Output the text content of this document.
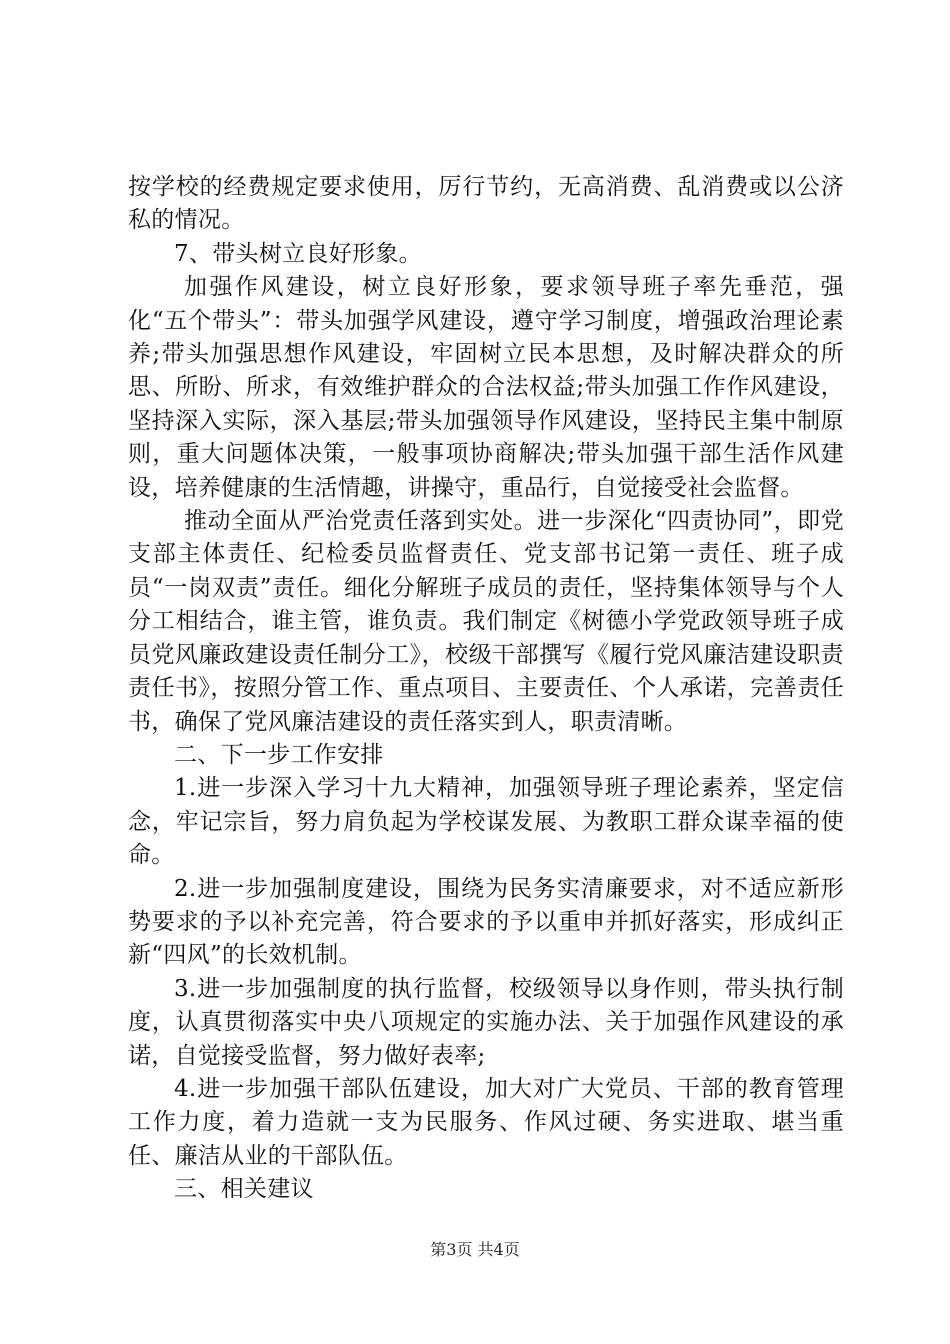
按学校的经费规定要求使用，厉行节约，无高消费、乱消费或以公济私的情况。

7、带头树立良好形象。

加强作风建设，树立良好形象，要求领导班子率先垂范，强化“五个带头”：带头加强学风建设，遵守学习制度，增强政治理论素养;带头加强思想作风建设，牢固树立民本思想，及时解决群众的所思、所盼、所求，有效维护群众的合法权益;带头加强工作作风建设，坚持深入实际，深入基层;带头加强领导作风建设，坚持民主集中制原则，重大问题体决策，一般事项协商解决;带头加强干部生活作风建设，培养健康的生活情趣，讲操守，重品行，自觉接受社会监督。

推动全面从严治党责任落到实处。进一步深化“四责协同”，即党支部主体责任、纪检委员监督责任、党支部书记第一责任、班子成员“一岗双责”责任。细化分解班子成员的责任，坚持集体领导与个人分工相结合，谁主管，谁负责。我们制定《树德小学党政领导班子成员党风廉政建设责任制分工》，校级干部撰写《履行党风廉洁建设职责责任书》，按照分管工作、重点项目、主要责任、个人承诺，完善责任书，确保了党风廉洁建设的责任落实到人，职责清晰。

二、下一步工作安排

1.进一步深入学习十九大精神，加强领导班子理论素养，坚定信念，牢记宗旨，努力肩负起为学校谋发展、为教职工群众谋幸福的使命。

2.进一步加强制度建设，围绕为民务实清廉要求，对不适应新形势要求的予以补充完善，符合要求的予以重申并抓好落实，形成纠正新“四风”的长效机制。

3.进一步加强制度的执行监督，校级领导以身作则，带头执行制度，认真贯彻落实中央八项规定的实施办法、关于加强作风建设的承诺，自觉接受监督，努力做好表率;

4.进一步加强干部队伍建设，加大对广大党员、干部的教育管理工作力度，着力造就一支为民服务、作风过硬、务实进取、堪当重任、廉洁从业的干部队伍。

三、相关建议

第3页 共4页
